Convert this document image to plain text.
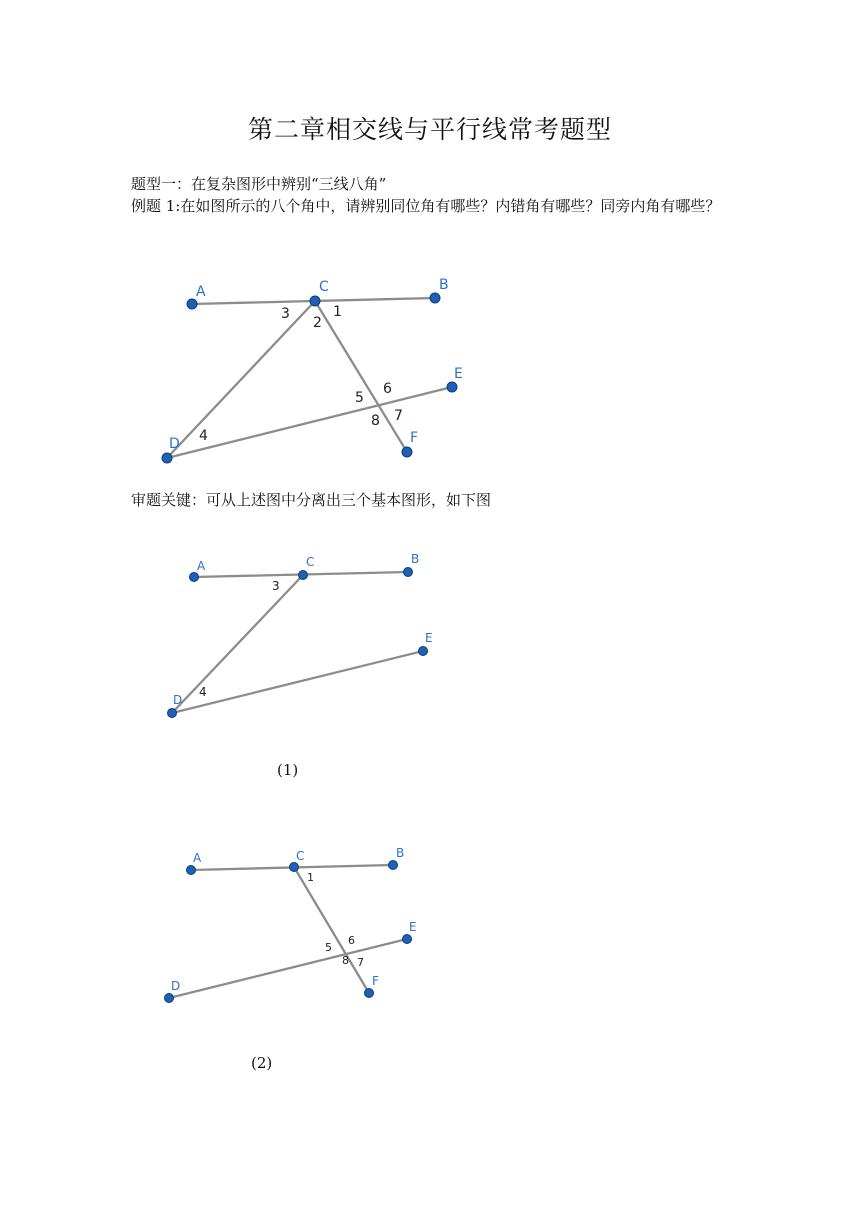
第二章相交线与平行线常考题型
题型一：在复杂图形中辨别“三线八角”
例题 1:在如图所示的八个角中，请辨别同位角有哪些？内错角有哪些？同旁内角有哪些？
A	B
C
D
E
F
1
2
3
4
5
6
7
8
审题关键：可从上述图中分离出三个基本图形，如下图
A	B
C
D
E
3
4
(1)
A	B
C
D
E
F
1
5
6
7
8
(2)
